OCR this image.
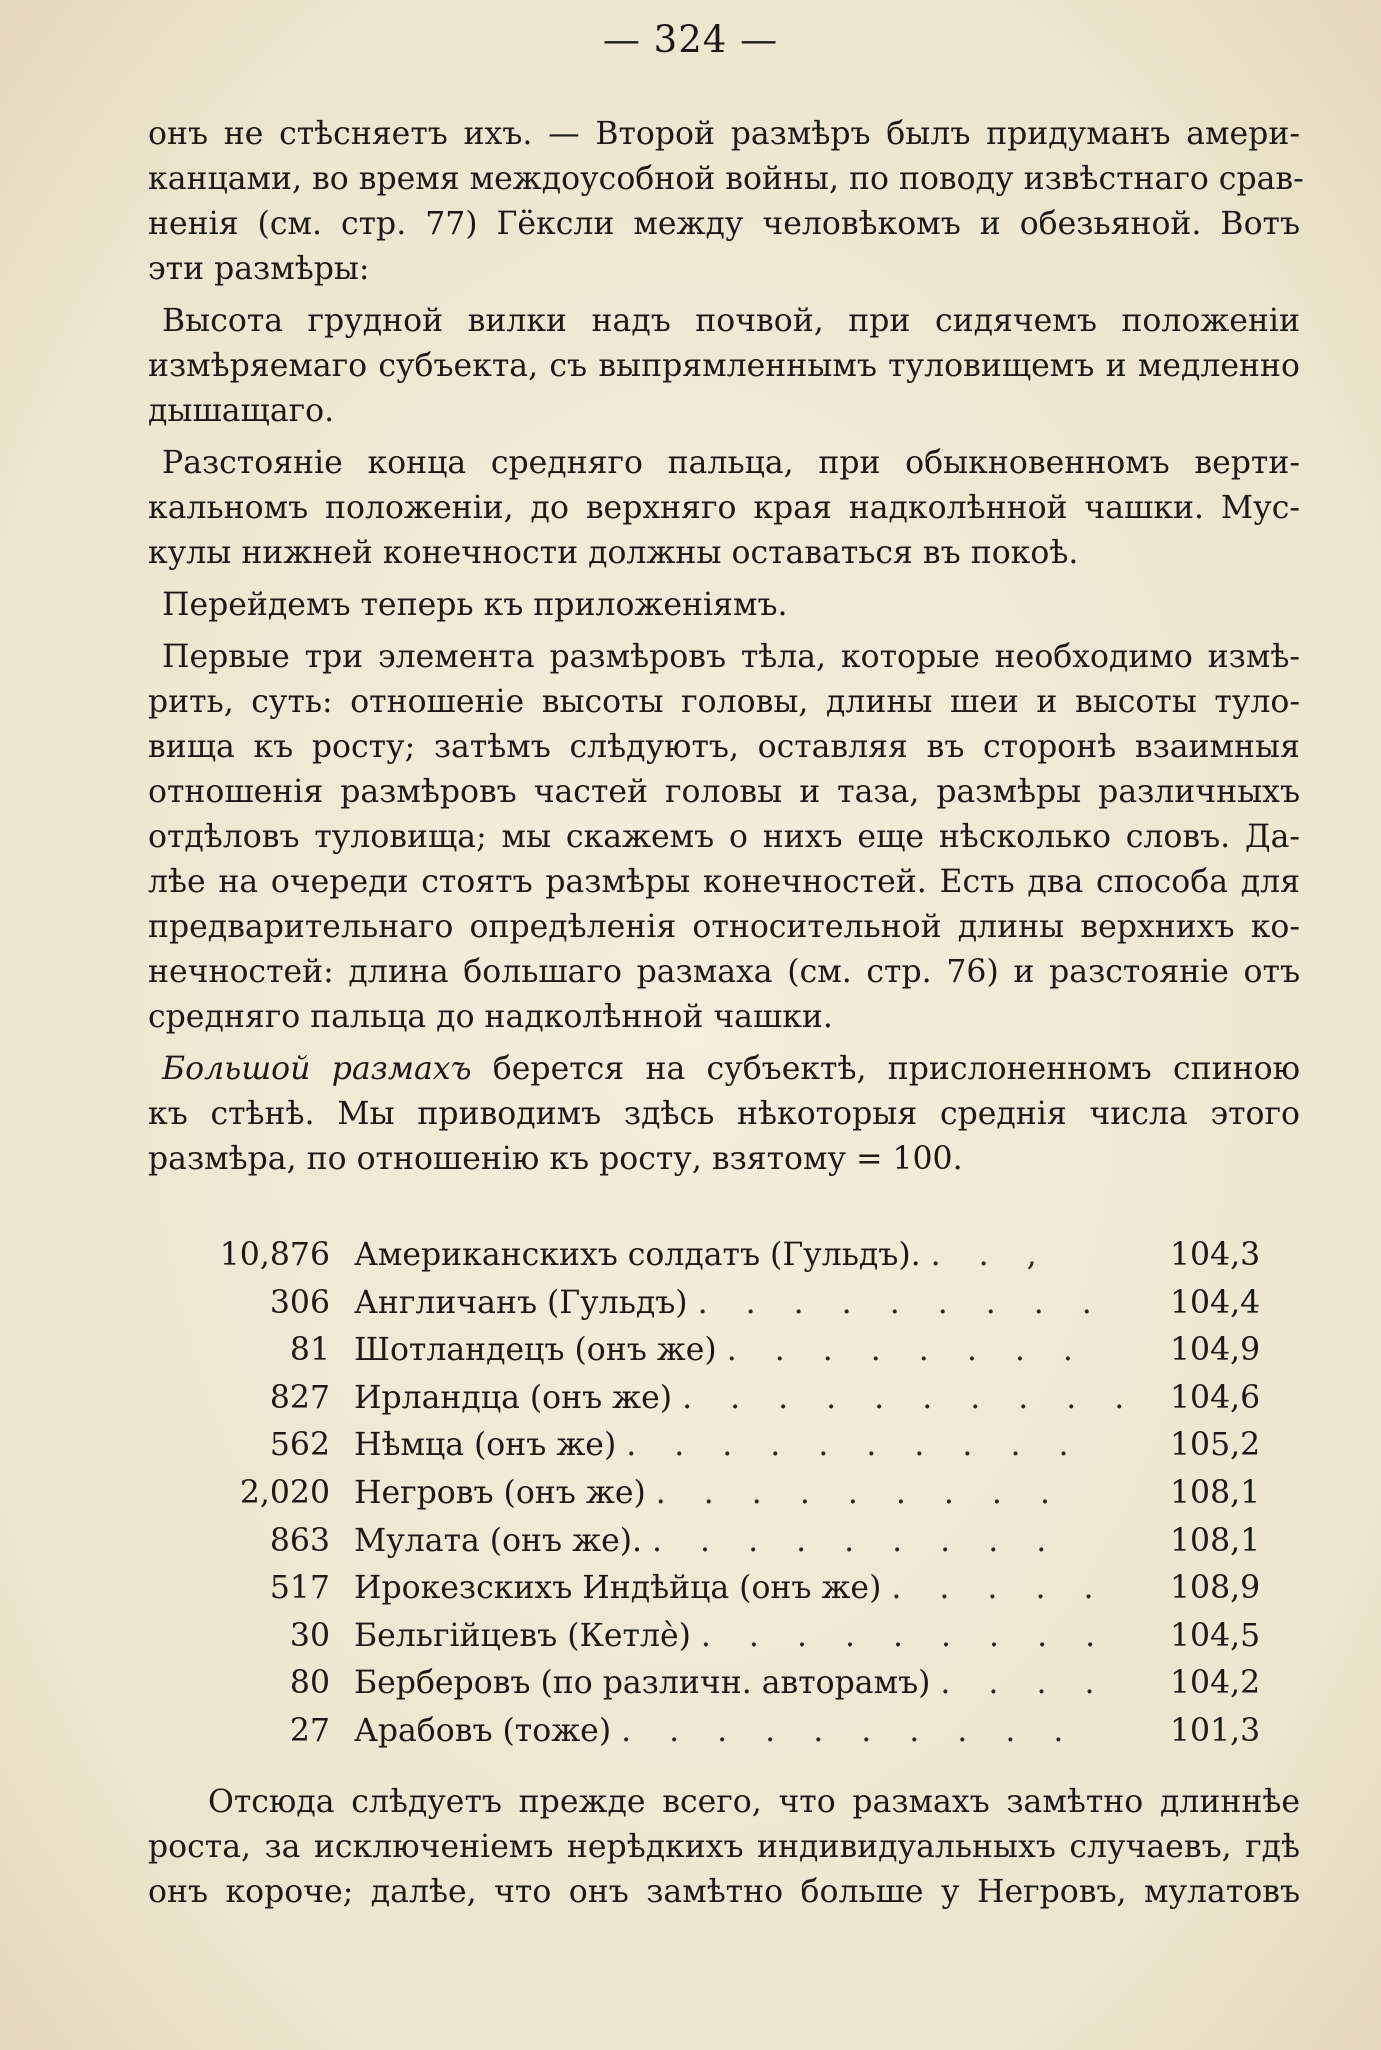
— 324 —

онъ не стѣсняетъ ихъ. — Второй размѣръ былъ придуманъ амери-
канцами, во время междоусобной войны, по поводу извѣстнаго срав-
ненія (см. стр. 77) Гёксли между человѣкомъ и обезьяной. Вотъ
эти размѣры:

Высота грудной вилки надъ почвой, при сидячемъ положеніи
измѣряемаго субъекта, съ выпрямленнымъ туловищемъ и медленно
дышащаго.

Разстояніе конца средняго пальца, при обыкновенномъ верти-
кальномъ положеніи, до верхняго края надколѣнной чашки. Мус-
кулы нижней конечности должны оставаться въ покоѣ.

Перейдемъ теперь къ приложеніямъ.

Первые три элемента размѣровъ тѣла, которые необходимо измѣ-
рить, суть: отношеніе высоты головы, длины шеи и высоты туло-
вища къ росту; затѣмъ слѣдуютъ, оставляя въ сторонѣ взаимныя
отношенія размѣровъ частей головы и таза, размѣры различныхъ
отдѣловъ туловища; мы скажемъ о нихъ еще нѣсколько словъ. Да-
лѣе на очереди стоятъ размѣры конечностей. Есть два способа для
предварительнаго опредѣленія относительной длины верхнихъ ко-
нечностей: длина большаго размаха (см. стр. 76) и разстояніе отъ
средняго пальца до надколѣнной чашки.

Большой размахъ берется на субъектѣ, прислоненномъ спиною
къ стѣнѣ. Мы приводимъ здѣсь нѣкоторыя среднія числа этого
размѣра, по отношенію къ росту, взятому = 100.

10,876 Американскихъ солдатъ (Гульдъ). . . ,	104,3
306 Англичанъ (Гульдъ) . . . . . . . . .	104,4
81 Шотландецъ (онъ же) . . . . . . . .	104,9
827 Ирландца (онъ же) . . . . . . . . . .	104,6
562 Нѣмца (онъ же) . . . . . . . . . .	105,2
2,020 Негровъ (онъ же) . . . . . . . . .	108,1
863 Мулата (онъ же). . . . . . . . . .	108,1
517 Ирокезскихъ Индѣйца (онъ же) . . . . .	108,9
30 Бельгійцевъ (Кетлѐ) . . . . . . . . .	104,5
80 Берберовъ (по различн. авторамъ) . . . .	104,2
27 Арабовъ (тоже) . . . . . . . . . .	101,3
Отсюда слѣдуетъ прежде всего, что размахъ замѣтно длиннѣе
роста, за исключеніемъ нерѣдкихъ индивидуальныхъ случаевъ, гдѣ
онъ короче; далѣе, что онъ замѣтно больше у Негровъ, мулатовъ
